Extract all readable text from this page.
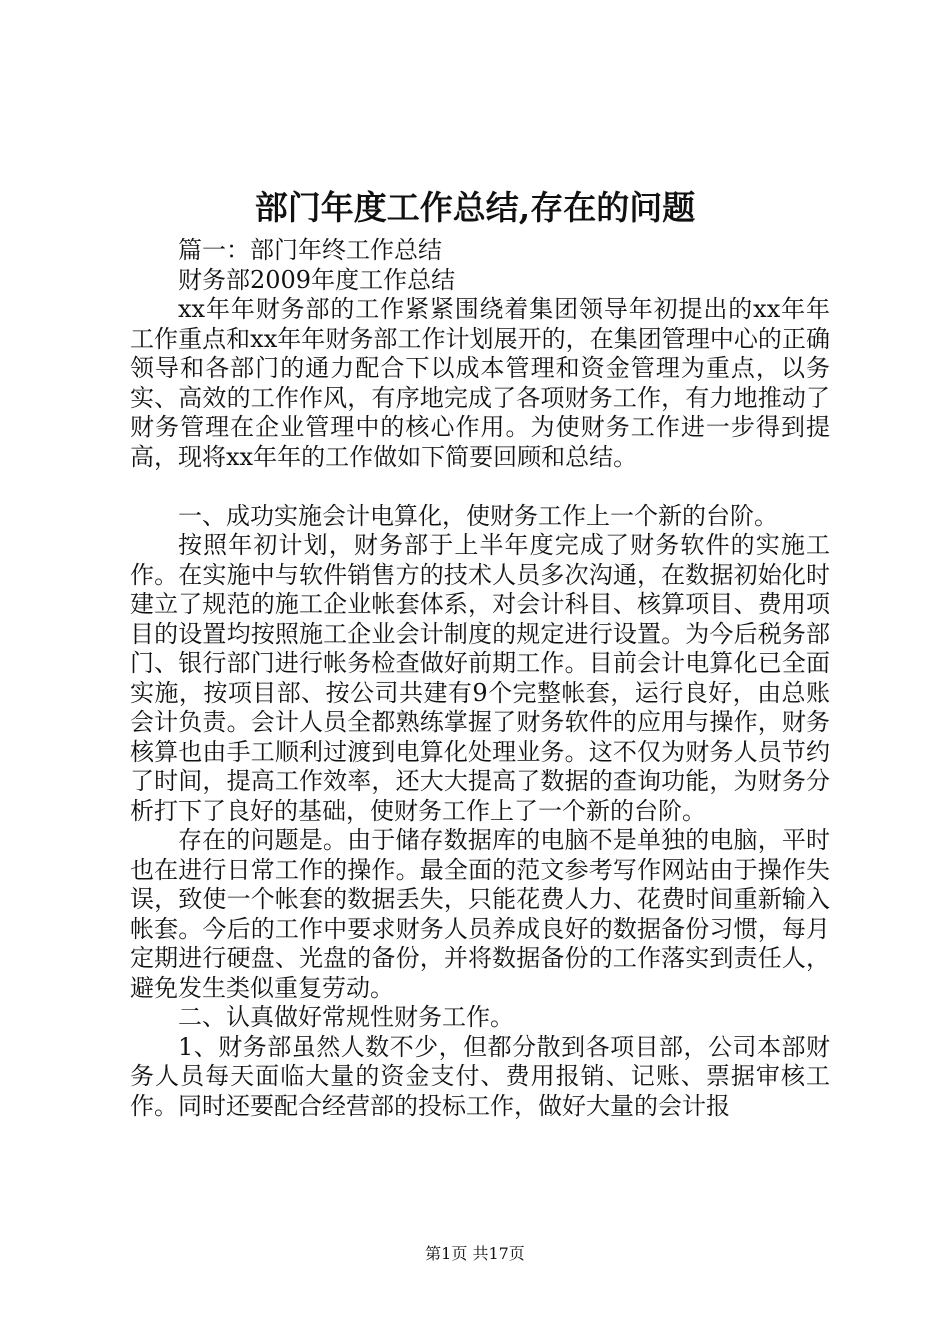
部门年度工作总结,存在的问题

篇一：部门年终工作总结

财务部2009年度工作总结

xx年年财务部的工作紧紧围绕着集团领导年初提出的xx年年工作重点和xx年年财务部工作计划展开的，在集团管理中心的正确领导和各部门的通力配合下以成本管理和资金管理为重点，以务实、高效的工作作风，有序地完成了各项财务工作，有力地推动了财务管理在企业管理中的核心作用。为使财务工作进一步得到提高，现将xx年年的工作做如下简要回顾和总结。

一、成功实施会计电算化，使财务工作上一个新的台阶。

按照年初计划，财务部于上半年度完成了财务软件的实施工作。在实施中与软件销售方的技术人员多次沟通，在数据初始化时建立了规范的施工企业帐套体系，对会计科目、核算项目、费用项目的设置均按照施工企业会计制度的规定进行设置。为今后税务部门、银行部门进行帐务检查做好前期工作。目前会计电算化已全面实施，按项目部、按公司共建有9个完整帐套，运行良好，由总账会计负责。会计人员全都熟练掌握了财务软件的应用与操作，财务核算也由手工顺利过渡到电算化处理业务。这不仅为财务人员节约了时间，提高工作效率，还大大提高了数据的查询功能，为财务分析打下了良好的基础，使财务工作上了一个新的台阶。

存在的问题是。由于储存数据库的电脑不是单独的电脑，平时也在进行日常工作的操作。最全面的范文参考写作网站由于操作失误，致使一个帐套的数据丢失，只能花费人力、花费时间重新输入帐套。今后的工作中要求财务人员养成良好的数据备份习惯，每月定期进行硬盘、光盘的备份，并将数据备份的工作落实到责任人，避免发生类似重复劳动。

二、认真做好常规性财务工作。

1、财务部虽然人数不少，但都分散到各项目部，公司本部财务人员每天面临大量的资金支付、费用报销、记账、票据审核工作。同时还要配合经营部的投标工作，做好大量的会计报

第1页 共17页
